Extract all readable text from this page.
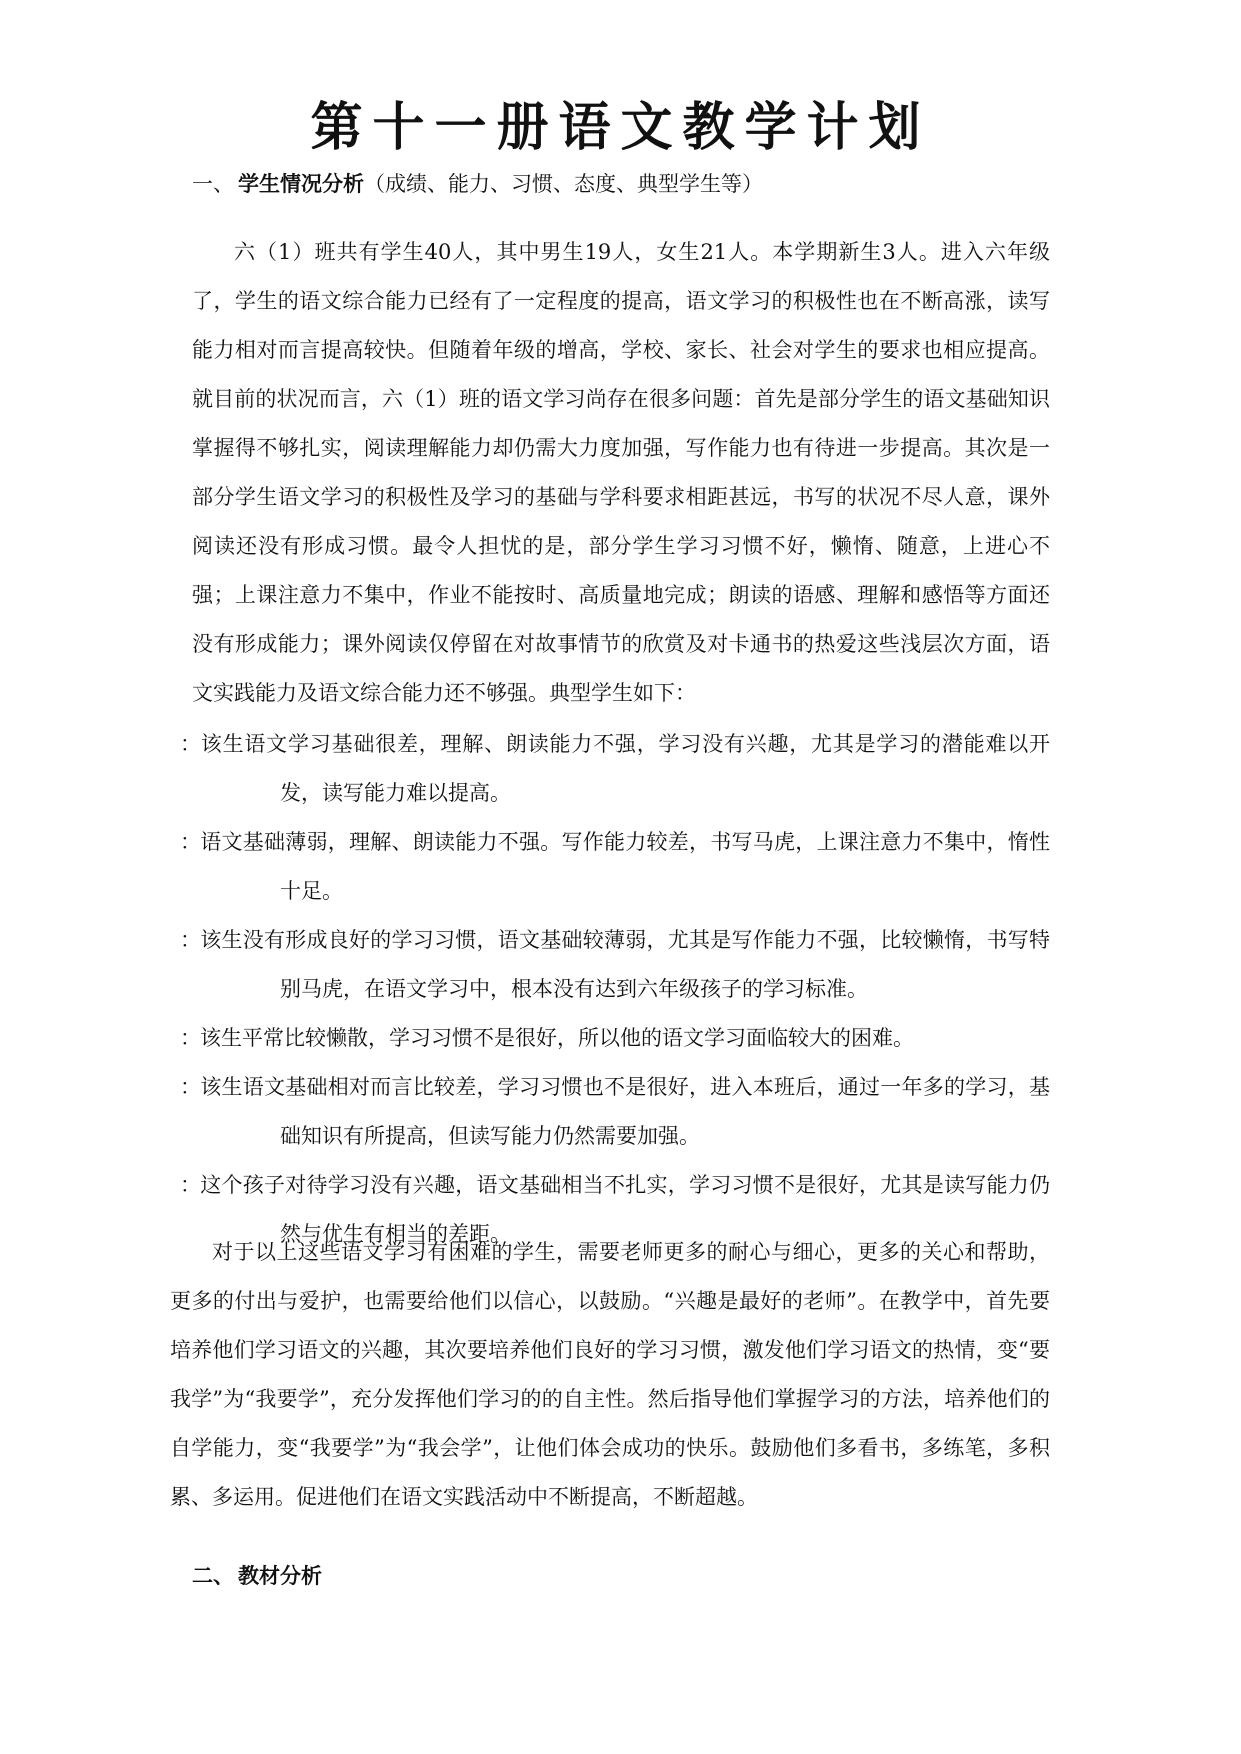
第十一册语文教学计划
一、 学生情况分析（成绩、能力、习惯、态度、典型学生等）

六（1）班共有学生40人，其中男生19人，女生21人。本学期新生3人。进入六年级了，学生的语文综合能力已经有了一定程度的提高，语文学习的积极性也在不断高涨，读写能力相对而言提高较快。但随着年级的增高，学校、家长、社会对学生的要求也相应提高。就目前的状况而言，六（1）班的语文学习尚存在很多问题：首先是部分学生的语文基础知识掌握得不够扎实，阅读理解能力却仍需大力度加强，写作能力也有待进一步提高。其次是一部分学生语文学习的积极性及学习的基础与学科要求相距甚远，书写的状况不尽人意，课外阅读还没有形成习惯。最令人担忧的是，部分学生学习习惯不好，懒惰、随意，上进心不强；上课注意力不集中，作业不能按时、高质量地完成；朗读的语感、理解和感悟等方面还没有形成能力；课外阅读仅停留在对故事情节的欣赏及对卡通书的热爱这些浅层次方面，语文实践能力及语文综合能力还不够强。典型学生如下：

：该生语文学习基础很差，理解、朗读能力不强，学习没有兴趣，尤其是学习的潜能难以开发，读写能力难以提高。
：语文基础薄弱，理解、朗读能力不强。写作能力较差，书写马虎，上课注意力不集中，惰性十足。
：该生没有形成良好的学习习惯，语文基础较薄弱，尤其是写作能力不强，比较懒惰，书写特别马虎，在语文学习中，根本没有达到六年级孩子的学习标准。
：该生平常比较懒散，学习习惯不是很好，所以他的语文学习面临较大的困难。
：该生语文基础相对而言比较差，学习习惯也不是很好，进入本班后，通过一年多的学习，基础知识有所提高，但读写能力仍然需要加强。
：这个孩子对待学习没有兴趣，语文基础相当不扎实，学习习惯不是很好，尤其是读写能力仍然与优生有相当的差距。

对于以上这些语文学习有困难的学生，需要老师更多的耐心与细心，更多的关心和帮助，更多的付出与爱护，也需要给他们以信心，以鼓励。“兴趣是最好的老师”。在教学中，首先要培养他们学习语文的兴趣，其次要培养他们良好的学习习惯，激发他们学习语文的热情，变“要我学”为“我要学”，充分发挥他们学习的的自主性。然后指导他们掌握学习的方法，培养他们的自学能力，变“我要学”为“我会学”，让他们体会成功的快乐。鼓励他们多看书，多练笔，多积累、多运用。促进他们在语文实践活动中不断提高，不断超越。

二、 教材分析
